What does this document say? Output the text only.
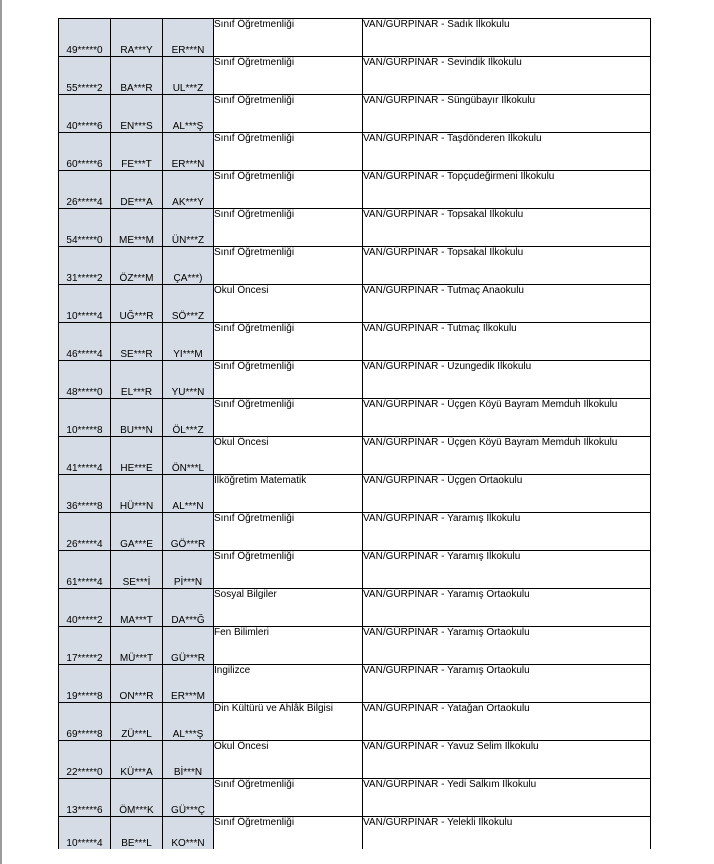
49*****0	RA***Y	ER***N	Sınıf Öğretmenliği	VAN/GÜRPINAR - Sadık İlkokulu
55*****2	BA***R	UL***Z	Sınıf Öğretmenliği	VAN/GÜRPINAR - Sevindik İlkokulu
40*****6	EN***S	AL***Ş	Sınıf Öğretmenliği	VAN/GÜRPINAR - Süngübayır İlkokulu
60*****6	FE***T	ER***N	Sınıf Öğretmenliği	VAN/GÜRPINAR - Taşdönderen İlkokulu
26*****4	DE***A	AK***Y	Sınıf Öğretmenliği	VAN/GÜRPINAR - Topçudeğirmeni İlkokulu
54*****0	ME***M	ÜN***Z	Sınıf Öğretmenliği	VAN/GÜRPINAR - Topsakal İlkokulu
31*****2	ÖZ***M	ÇA***)	Sınıf Öğretmenliği	VAN/GÜRPINAR - Topsakal İlkokulu
10*****4	UĞ***R	SÖ***Z	Okul Öncesi	VAN/GÜRPINAR - Tutmaç Anaokulu
46*****4	SE***R	YI***M	Sınıf Öğretmenliği	VAN/GÜRPINAR - Tutmaç İlkokulu
48*****0	EL***R	YU***N	Sınıf Öğretmenliği	VAN/GÜRPINAR - Uzungedik İlkokulu
10*****8	BU***N	ÖL***Z	Sınıf Öğretmenliği	VAN/GÜRPINAR - Üçgen Köyü Bayram Memduh İlkokulu
41*****4	HE***E	ÖN***L	Okul Öncesi	VAN/GÜRPINAR - Üçgen Köyü Bayram Memduh İlkokulu
36*****8	HÜ***N	AL***N	İlköğretim Matematik	VAN/GÜRPINAR - Üçgen Ortaokulu
26*****4	GA***E	GÖ***R	Sınıf Öğretmenliği	VAN/GÜRPINAR - Yaramış İlkokulu
61*****4	SE***İ	Pİ***N	Sınıf Öğretmenliği	VAN/GÜRPINAR - Yaramış İlkokulu
40*****2	MA***T	DA***Ğ	Sosyal Bilgiler	VAN/GÜRPINAR - Yaramış Ortaokulu
17*****2	MÜ***T	GÜ***R	Fen Bilimleri	VAN/GÜRPINAR - Yaramış Ortaokulu
19*****8	ON***R	ER***M	İngilizce	VAN/GÜRPINAR - Yaramış Ortaokulu
69*****8	ZÜ***L	AL***Ş	Din Kültürü ve Ahlâk Bilgisi	VAN/GÜRPINAR - Yatağan Ortaokulu
22*****0	KÜ***A	Bİ***N	Okul Öncesi	VAN/GÜRPINAR - Yavuz Selim İlkokulu
13*****6	ÖM***K	GÜ***Ç	Sınıf Öğretmenliği	VAN/GÜRPINAR - Yedi Salkım İlkokulu
10*****4	BE***L	KO***N	Sınıf Öğretmenliği	VAN/GÜRPINAR - Yelekli İlkokulu
